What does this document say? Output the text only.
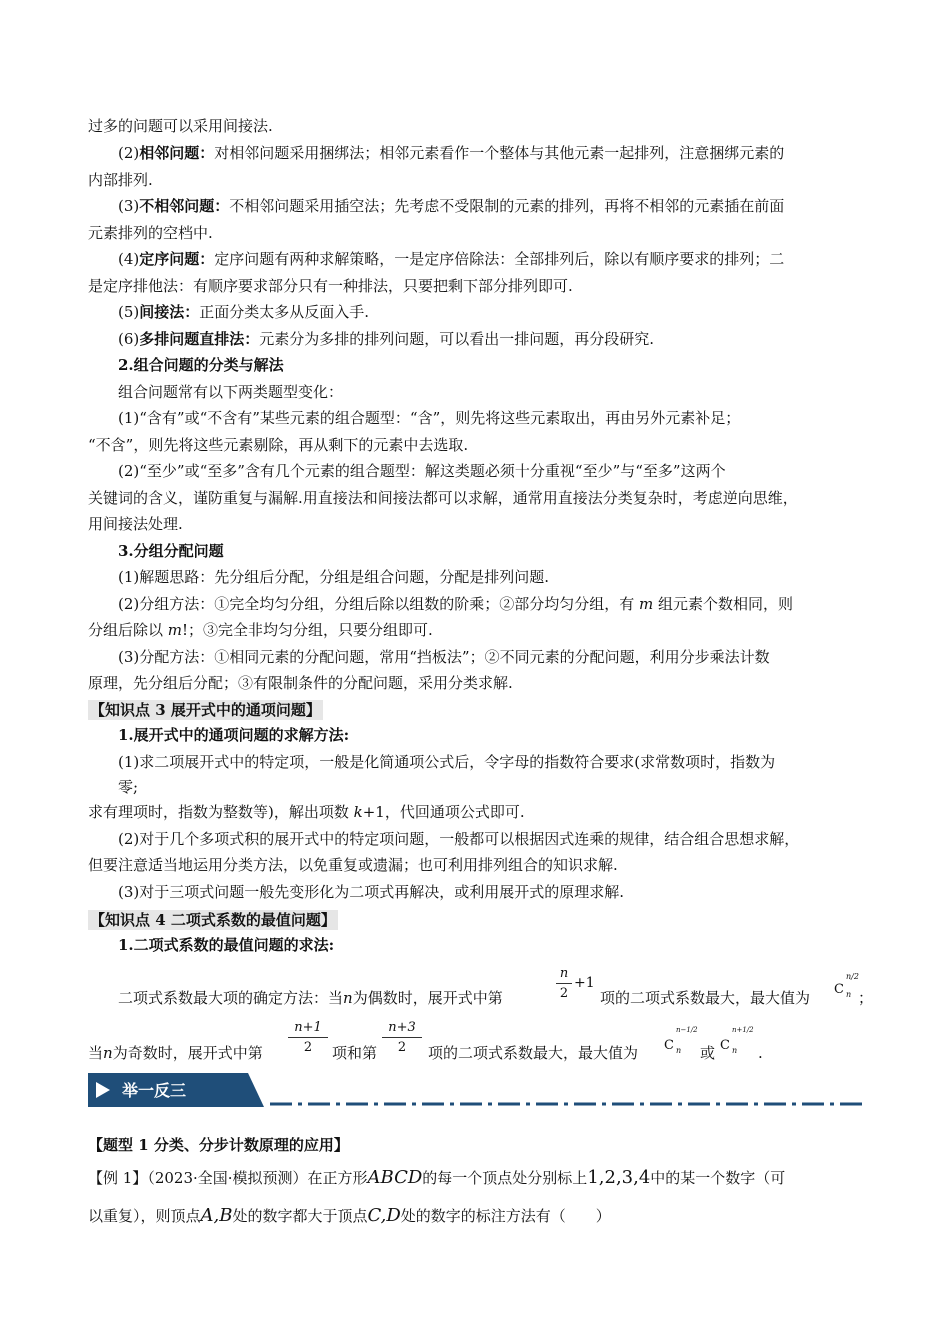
过多的问题可以采用间接法.
(2)相邻问题：对相邻问题采用捆绑法；相邻元素看作一个整体与其他元素一起排列，注意捆绑元素的
内部排列.
(3)不相邻问题：不相邻问题采用插空法；先考虑不受限制的元素的排列，再将不相邻的元素插在前面
元素排列的空档中.
(4)定序问题：定序问题有两种求解策略，一是定序倍除法：全部排列后，除以有顺序要求的排列；二
是定序排他法：有顺序要求部分只有一种排法，只要把剩下部分排列即可.
(5)间接法：正面分类太多从反面入手.
(6)多排问题直排法：元素分为多排的排列问题，可以看出一排问题，再分段研究.
2.组合问题的分类与解法
组合问题常有以下两类题型变化：
(1)“含有”或“不含有”某些元素的组合题型：“含”，则先将这些元素取出，再由另外元素补足；
“不含”，则先将这些元素剔除，再从剩下的元素中去选取.
(2)“至少”或“至多”含有几个元素的组合题型：解这类题必须十分重视“至少”与“至多”这两个
关键词的含义，谨防重复与漏解.用直接法和间接法都可以求解，通常用直接法分类复杂时，考虑逆向思维，
用间接法处理.
3.分组分配问题
(1)解题思路：先分组后分配，分组是组合问题，分配是排列问题.
(2)分组方法：①完全均匀分组，分组后除以组数的阶乘；②部分均匀分组，有 m 组元素个数相同，则
分组后除以 m!；③完全非均匀分组，只要分组即可.
(3)分配方法：①相同元素的分配问题，常用“挡板法”；②不同元素的分配问题，利用分步乘法计数
原理，先分组后分配；③有限制条件的分配问题，采用分类求解.
【知识点 3 展开式中的通项问题】
1.展开式中的通项问题的求解方法:
(1)求二项展开式中的特定项，一般是化简通项公式后，令字母的指数符合要求(求常数项时，指数为
零;
求有理项时，指数为整数等)，解出项数 k+1，代回通项公式即可.
(2)对于几个多项式积的展开式中的特定项问题，一般都可以根据因式连乘的规律，结合组合思想求解，
但要注意适当地运用分类方法，以免重复或遗漏；也可利用排列组合的知识求解.
(3)对于三项式问题一般先变形化为二项式再解决，或利用展开式的原理求解.
【知识点 4 二项式系数的最值问题】
1.二项式系数的最值问题的求法:
二项式系数最大项的确定方法：当n为偶数时，展开式中第
n
2
+1
项的二项式系数最大，最大值为	C
n/2
n ；
当n为奇数时，展开式中第
n+1
2	项和第
n+3
2	项的二项式系数最大，最大值为	C
n−1/2
n 或 C
n+1/2
n .
举一反三
【题型 1 分类、分步计数原理的应用】
【例 1】（2023·全国·模拟预测）在正方形ABCD的每一个顶点处分别标上1,2,3,4中的某一个数字（可
以重复），则顶点A,B处的数字都大于顶点C,D处的数字的标注方法有（　　）
